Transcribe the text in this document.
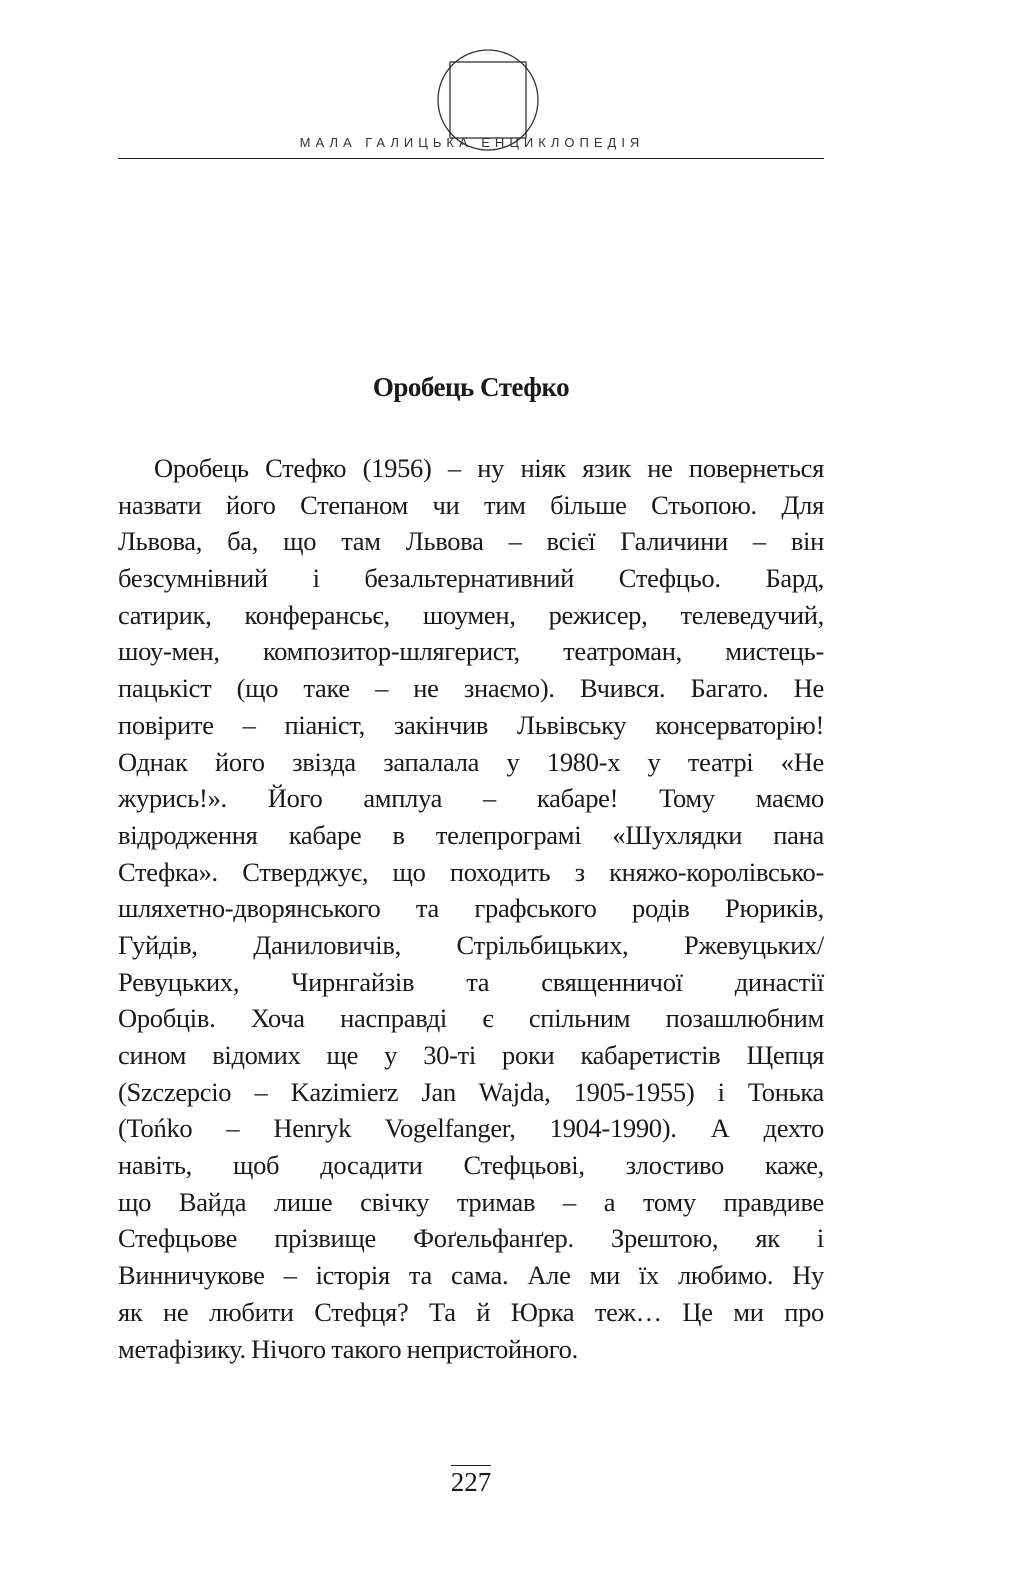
МАЛА ГАЛИЦЬКА ЕНЦИКЛОПЕДІЯ
Оробець Стефко
Оробець Стефко (1956) – ну ніяк язик не повернеться
назвати його Степаном чи тим більше Стьопою. Для
Львова, ба, що там Львова – всієї Галичини – він
безсумнівний і безальтернативний Стефцьо. Бард,
сатирик, конферансьє, шоумен, режисер, телеведучий,
шоу-мен, композитор-шлягерист, театроман, мистець-
пацькіст (що таке – не знаємо). Вчився. Багато. Не
повірите – піаніст, закінчив Львівську консерваторію!
Однак його звізда запалала у 1980-х у театрі «Не
журись!». Його амплуа – кабаре! Тому маємо
відродження кабаре в телепрограмі «Шухлядки пана
Стефка». Стверджує, що походить з княжо-королівсько-
шляхетно-дворянського та графського родів Рюриків,
Гуйдів, Даниловичів, Стрільбицьких, Ржевуцьких/
Ревуцьких, Чирнгайзів та священничої династії
Оробців. Хоча насправді є спільним позашлюбним
сином відомих ще у 30-ті роки кабаретистів Щепця
(Szczepcio – Kazimierz Jan Wajda, 1905-1955) і Тонька
(Tońko – Henryk Vogelfanger, 1904-1990). А дехто
навіть, щоб досадити Стефцьові, злостиво каже,
що Вайда лише свічку тримав – а тому правдиве
Стефцьове прізвище Фоґельфанґер. Зрештою, як і
Винничукове – історія та сама. Але ми їх любимо. Ну
як не любити Стефця? Та й Юрка теж… Це ми про
метафізику. Нічого такого непристойного.
227
